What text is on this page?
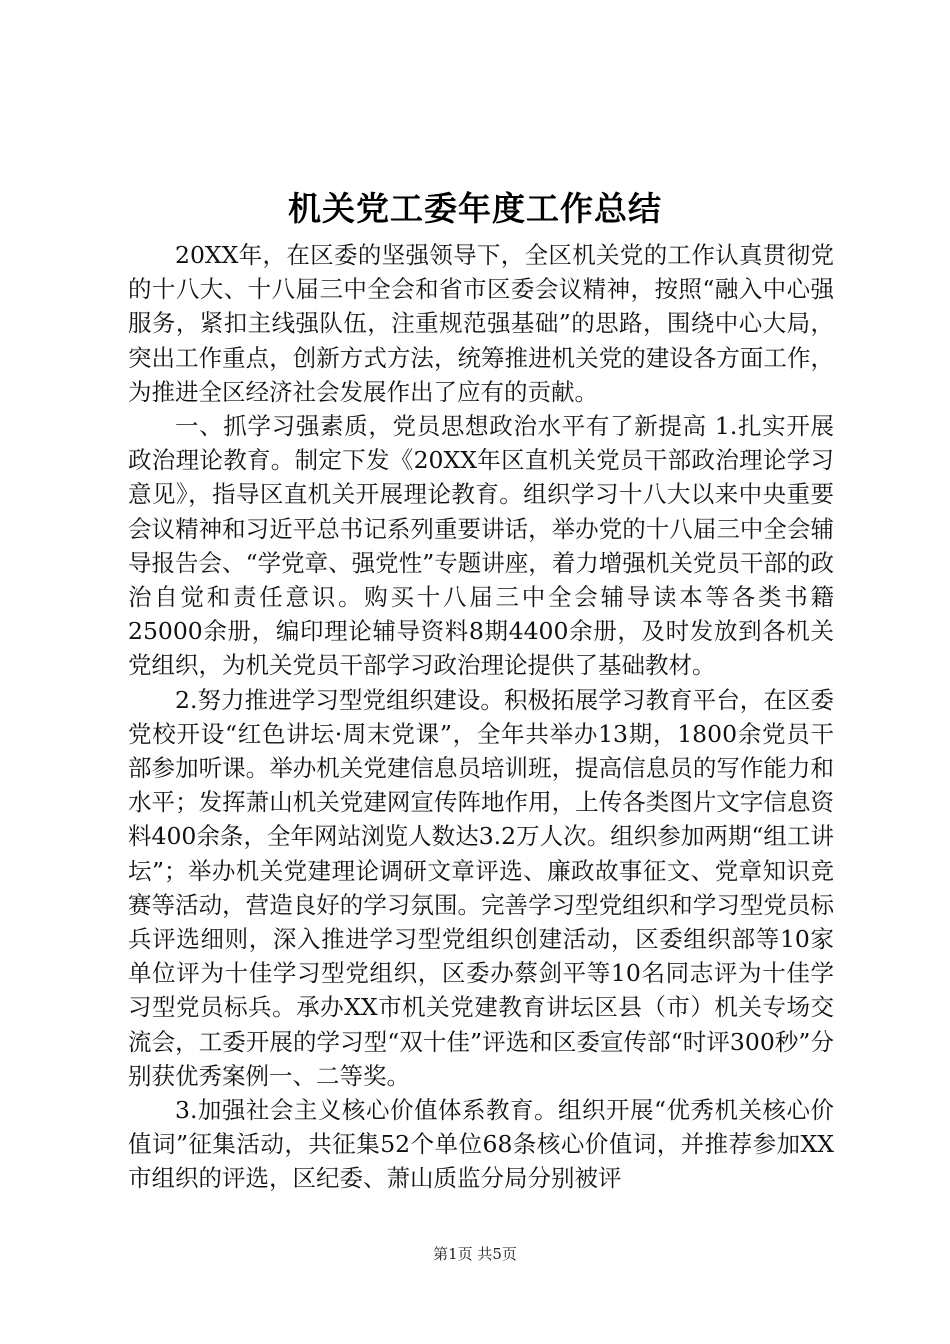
机关党工委年度工作总结

20XX年，在区委的坚强领导下，全区机关党的工作认真贯彻党的十八大、十八届三中全会和省市区委会议精神，按照“融入中心强服务，紧扣主线强队伍，注重规范强基础”的思路，围绕中心大局，突出工作重点，创新方式方法，统筹推进机关党的建设各方面工作，为推进全区经济社会发展作出了应有的贡献。

一、抓学习强素质，党员思想政治水平有了新提高 1.扎实开展政治理论教育。制定下发《20XX年区直机关党员干部政治理论学习意见》，指导区直机关开展理论教育。组织学习十八大以来中央重要会议精神和习近平总书记系列重要讲话，举办党的十八届三中全会辅导报告会、“学党章、强党性”专题讲座，着力增强机关党员干部的政治自觉和责任意识。购买十八届三中全会辅导读本等各类书籍25000余册，编印理论辅导资料8期4400余册，及时发放到各机关党组织，为机关党员干部学习政治理论提供了基础教材。

2.努力推进学习型党组织建设。积极拓展学习教育平台，在区委党校开设“红色讲坛·周末党课”，全年共举办13期，1800余党员干部参加听课。举办机关党建信息员培训班，提高信息员的写作能力和水平；发挥萧山机关党建网宣传阵地作用，上传各类图片文字信息资料400余条，全年网站浏览人数达3.2万人次。组织参加两期“组工讲坛”；举办机关党建理论调研文章评选、廉政故事征文、党章知识竞赛等活动，营造良好的学习氛围。完善学习型党组织和学习型党员标兵评选细则，深入推进学习型党组织创建活动，区委组织部等10家单位评为十佳学习型党组织，区委办蔡剑平等10名同志评为十佳学习型党员标兵。承办XX市机关党建教育讲坛区县（市）机关专场交流会，工委开展的学习型“双十佳”评选和区委宣传部“时评300秒”分别获优秀案例一、二等奖。

3.加强社会主义核心价值体系教育。组织开展“优秀机关核心价值词”征集活动，共征集52个单位68条核心价值词，并推荐参加XX市组织的评选，区纪委、萧山质监分局分别被评

第1页 共5页
